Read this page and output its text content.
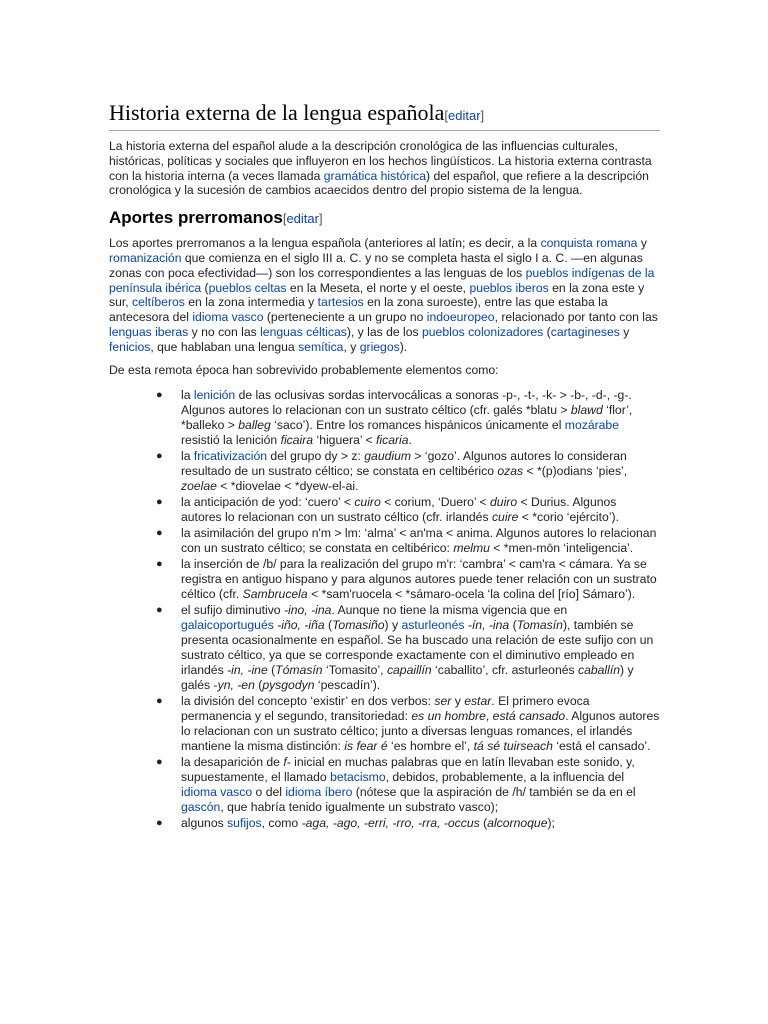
Historia externa de la lengua española[editar]

La historia externa del español alude a la descripción cronológica de las influencias culturales, históricas, políticas y sociales que influyeron en los hechos lingüísticos. La historia externa contrasta con la historia interna (a veces llamada gramática histórica) del español, que refiere a la descripción cronológica y la sucesión de cambios acaecidos dentro del propio sistema de la lengua.

Aportes prerromanos[editar]

Los aportes prerromanos a la lengua española (anteriores al latín; es decir, a la conquista romana y romanización que comienza en el siglo III a. C. y no se completa hasta el siglo I a. C. —en algunas zonas con poca efectividad—) son los correspondientes a las lenguas de los pueblos indígenas de la península ibérica (pueblos celtas en la Meseta, el norte y el oeste, pueblos iberos en la zona este y sur, celtíberos en la zona intermedia y tartesios en la zona suroeste), entre las que estaba la antecesora del idioma vasco (perteneciente a un grupo no indoeuropeo, relacionado por tanto con las lenguas iberas y no con las lenguas célticas), y las de los pueblos colonizadores (cartagineses y fenicios, que hablaban una lengua semítica, y griegos).

De esta remota época han sobrevivido probablemente elementos como:

● la lenición de las oclusivas sordas intervocálicas a sonoras -p-, -t-, -k- > -b-, -d-, -g-. Algunos autores lo relacionan con un sustrato céltico (cfr. galés *blatu > blawd ‘flor’, *balleko > balleg ‘saco’). Entre los romances hispánicos únicamente el mozárabe resistió la lenición ficaira ‘higuera’ < ficaria.
● la fricativización del grupo dy > z: gaudium > ‘gozo’. Algunos autores lo consideran resultado de un sustrato céltico; se constata en celtibérico ozas < *(p)odians ‘pies’, zoelae < *diovelae < *dyew-el-ai.
● la anticipación de yod: ‘cuero’ < cuiro < corium, ‘Duero’ < duiro < Durius. Algunos autores lo relacionan con un sustrato céltico (cfr. irlandés cuire < *corio ‘ejército’).
● la asimilación del grupo n'm > lm: ‘alma’ < an'ma < anima. Algunos autores lo relacionan con un sustrato céltico; se constata en celtibérico: melmu < *men-mōn ‘inteligencia’.
● la inserción de /b/ para la realización del grupo m'r: ‘cambra’ < cam'ra < cámara. Ya se registra en antiguo hispano y para algunos autores puede tener relación con un sustrato céltico (cfr. Sambrucela < *sam'ruocela < *sámaro-ocela ‘la colina del [río] Sámaro’).
● el sufijo diminutivo -ino, -ina. Aunque no tiene la misma vigencia que en galaicoportugués -iño, -iña (Tomasiño) y asturleonés -ín, -ina (Tomasín), también se presenta ocasionalmente en español. Se ha buscado una relación de este sufijo con un sustrato céltico, ya que se corresponde exactamente con el diminutivo empleado en irlandés -in, -ine (Tómasín ‘Tomasito’, capaillín ‘caballito’, cfr. asturleonés caballín) y galés -yn, -en (pysgodyn ‘pescadín’).
● la división del concepto ‘existir’ en dos verbos: ser y estar. El primero evoca permanencia y el segundo, transitoriedad: es un hombre, está cansado. Algunos autores lo relacionan con un sustrato céltico; junto a diversas lenguas romances, el irlandés mantiene la misma distinción: is fear é ‘es hombre el’, tá sé tuirseach ‘está el cansado’.
● la desaparición de f- inicial en muchas palabras que en latín llevaban este sonido, y, supuestamente, el llamado betacismo, debidos, probablemente, a la influencia del idioma vasco o del idioma íbero (nótese que la aspiración de /h/ también se da en el gascón, que habría tenido igualmente un substrato vasco);
● algunos sufijos, como -aga, -ago, -erri, -rro, -rra, -occus (alcornoque);
